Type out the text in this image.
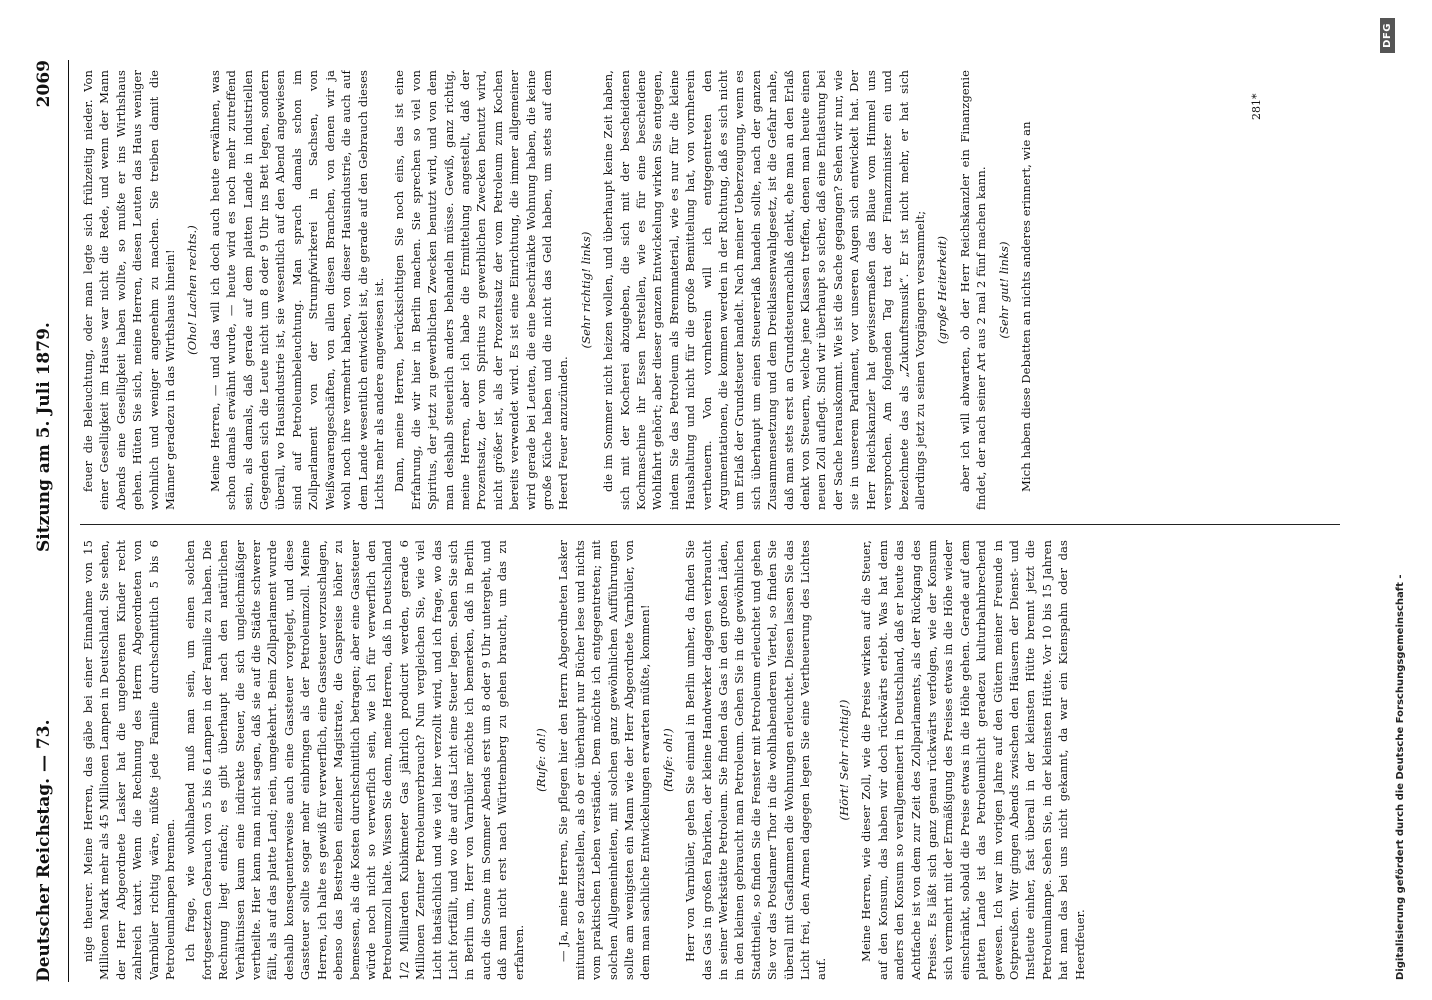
Deutscher Reichstag. — 73.
Sitzung am 5. Juli 1879.
2069

nige theurer. Meine Herren, das gäbe bei einer Einnahme von 15 Millionen Mark mehr als 45 Millionen Lampen in Deutschland. Sie sehen, der Herr Abgeordnete Lasker hat die ungeborenen Kinder recht zahlreich taxirt. Wenn die Rechnung des Herrn Abgeordneten von Varnbüler richtig wäre, müßte jede Familie durchschnittlich 5 bis 6 Petroleumlampen brennen. Ich frage, wie wohlhabend muß man sein, um einen solchen fortgesetzten Gebrauch von 5 bis 6 Lampen in der Familie zu haben. Die Rechnung liegt einfach; es gibt überhaupt nach den natürlichen Verhältnissen kaum eine indirekte Steuer, die sich ungleichmäßiger vertheilte. Hier kann man nicht sagen, daß sie auf die Städte schwerer fällt, als auf das platte Land; nein, umgekehrt. Beim Zollparlament wurde deshalb konsequenterweise auch eine Gassteuer vorgelegt, und diese Gassteuer sollte sogar mehr einbringen als der Petroleumzoll. Meine Herren, ich halte es gewiß für verwerflich, eine Gassteuer vorzuschlagen, ebenso das Bestreben einzelner Magistrate, die Gaspreise höher zu bemessen, als die Kosten durchschnittlich betragen; aber eine Gassteuer würde noch nicht so verwerflich sein, wie ich für verwerflich den Petroleumzoll halte. Wissen Sie denn, meine Herren, daß in Deutschland 1/2 Milliarden Kubikmeter Gas jährlich producirt werden, gerade 6 Millionen Zentner Petroleumverbrauch? Nun vergleichen Sie, wie viel Licht thatsächlich und wie viel hier verzollt wird, und ich frage, wo das Licht fortfällt, und wo die auf das Licht eine Steuer legen. Sehen Sie sich in Berlin um, Herr von Varnbüler möchte ich bemerken, daß in Berlin auch die Sonne im Sommer Abends erst um 8 oder 9 Uhr untergeht, und daß man nicht erst nach Württemberg zu gehen braucht, um das zu erfahren.

(Rufe: oh!) — Ja, meine Herren, Sie pflegen hier den Herrn Abgeordneten Lasker mitunter so darzustellen, als ob er überhaupt nur Bücher lese und nichts vom praktischen Leben verstände. Dem möchte ich entgegentreten; mit solchen Allgemeinheiten, mit solchen ganz gewöhnlichen Aufführungen sollte am wenigsten ein Mann wie der Herr Abgeordnete Varnbüler, von dem man sachliche Entwickelungen erwarten müßte, kommen! (Rufe: oh!) Herr von Varnbüler, gehen Sie einmal in Berlin umher, da finden Sie das Gas in großen Fabriken, der kleine Handwerker dagegen verbraucht in seiner Werkstätte Petroleum. Sie finden das Gas in den großen Läden, in den kleinen gebraucht man Petroleum. Gehen Sie in die gewöhnlichen Stadttheile, so finden Sie die Fenster mit Petroleum erleuchtet und gehen Sie vor das Potsdamer Thor in die wohlhabenderen Viertel, so finden Sie überall mit Gasflammen die Wohnungen erleuchtet. Diesen lassen Sie das Licht frei, den Armen dagegen legen Sie eine Vertheuerung des Lichtes auf.

(Hört! Sehr richtig!) Meine Herren, wie dieser Zoll, wie die Preise wirken auf die Steuer, auf den Konsum, das haben wir doch rückwärts erlebt. Was hat denn anders den Konsum so verallgemeinert in Deutschland, daß er heute das Achtfache ist von dem zur Zeit des Zollparlaments, als der Rückgang des Preises. Es läßt sich ganz genau rückwärts verfolgen, wie der Konsum sich vermehrt mit der Ermäßigung des Preises etwas in die Höhe wieder einschränkt, sobald die Preise etwas in die Höhe gehen. Gerade auf dem platten Lande ist das Petroleumlicht geradezu kulturbahnbrechend gewesen. Ich war im vorigen Jahre auf den Gütern meiner Freunde in Ostpreußen. Wir gingen Abends zwischen den Häusern der Dienst- und Instleute einher, fast überall in der kleinsten Hütte brennt jetzt die Petroleumlampe. Sehen Sie, in der kleinsten Hütte. Vor 10 bis 15 Jahren hat man das bei uns nicht gekannt, da war ein Kienspahn oder das Heerdfeuer.

feuer die Beleuchtung, oder man legte sich frühzeitig nieder. Von einer Geselligkeit im Hause war nicht die Rede, und wenn der Mann Abends eine Geselligkeit haben wollte, so mußte er ins Wirthshaus gehen. Hüten Sie sich, meine Herren, diesen Leuten das Haus weniger wohnlich und weniger angenehm zu machen. Sie treiben damit die Männer geradezu in das Wirthshaus hinein! (Oho! Lachen rechts.) Meine Herren, — und das will ich doch auch heute erwähnen, was schon damals erwähnt wurde, — heute wird es noch mehr zutreffend sein, als damals, daß gerade auf dem platten Lande in industriellen Gegenden sich die Leute nicht um 8 oder 9 Uhr ins Bett legen, sondern überall, wo Hausindustrie ist, sie wesentlich auf den Abend angewiesen sind auf Petroleumbeleuchtung. Man sprach damals schon im Zollparlament von der Strumpfwirkerei in Sachsen, von Weißwaarengeschäften, von allen diesen Branchen, von denen wir ja wohl noch ihre vermehrt haben, von dieser Hausindustrie, die auch auf dem Lande wesentlich entwickelt ist, die gerade auf den Gebrauch dieses Lichts mehr als andere angewiesen ist. Dann, meine Herren, berücksichtigen Sie noch eins, das ist eine Erfahrung, die wir hier in Berlin machen. Sie sprechen so viel von Spiritus, der jetzt zu gewerblichen Zwecken benutzt wird, und von dem man deshalb steuerlich anders behandeln müsse. Gewiß, ganz richtig, meine Herren, aber ich habe die Ermittelung angestellt, daß der Prozentsatz, der vom Spiritus zu gewerblichen Zwecken benutzt wird, nicht größer ist, als der Prozentsatz der vom Petroleum zum Kochen bereits verwendet wird. Es ist eine Einrichtung, die immer allgemeiner wird gerade bei Leuten, die eine beschränkte Wohnung haben, die keine große Küche haben und die nicht das Geld haben, um stets auf dem Heerd Feuer anzuzünden.

(Sehr richtig! links) die im Sommer nicht heizen wollen, und überhaupt keine Zeit haben, sich mit der Kocherei abzugeben, die sich mit der bescheidenen Kochmaschine ihr Essen herstellen, wie es für eine bescheidene Wohlfahrt gehört; aber dieser ganzen Entwickelung wirken Sie entgegen, indem Sie das Petroleum als Brennmaterial, wie es nur für die kleine Haushaltung und nicht für die große Bemittelung hat, von vornherein vertheuern. Von vornherein will ich entgegentreten den Argumentationen, die kommen werden in der Richtung, daß es sich nicht um Erlaß der Grundsteuer handelt. Nach meiner Ueberzeugung, wenn es sich überhaupt um einen Steuererlaß handeln sollte, nach der ganzen Zusammensetzung und dem Dreiklassenwahlgesetz, ist die Gefahr nahe, daß man stets erst an Grundsteuernachlaß denkt, ehe man an den Erlaß denkt von Steuern, welche jene Klassen treffen, denen man heute einen neuen Zoll auflegt. Sind wir überhaupt so sicher, daß eine Entlastung bei der Sache herauskommt. Wie ist die Sache gegangen? Sehen wir nur, wie sie in unserem Parlament, vor unseren Augen sich entwickelt hat. Der Herr Reichskanzler hat gewissermaßen das Blaue vom Himmel uns versprochen. Am folgenden Tag trat der Finanzminister ein und bezeichnete das als „Zukunftsmusik“. Er ist nicht mehr, er hat sich allerdings jetzt zu seinen Vorgängern versammelt; (große Heiterkeit) aber ich will abwarten, ob der Herr Reichskanzler ein Finanzgenie findet, der nach seiner Art aus 2 mal 2 fünf machen kann. (Sehr gut! links) Mich haben diese Debatten an nichts anderes erinnert, wie an

281*
Digitalisierung gefördert durch die Deutsche Forschungsgemeinschaft -
DFG
